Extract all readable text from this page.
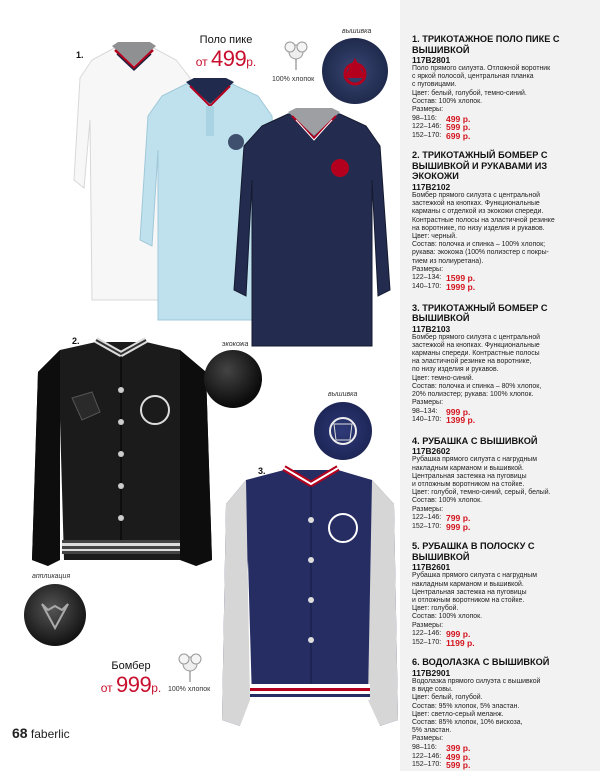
вышивка
экокожа
вышивка
аппликация
100% хлопок
100% хлопок
1.
2.
3.
Поло пике
от 499р.
Бомбер
от 999р.
68 faberlic
1. ТРИКОТАЖНОЕ ПОЛО ПИКЕ С ВЫШИВКОЙ
117В2801
Поло прямого силуэта. Отложной воротник
с яркой полосой, центральная планка
с пуговицами.
Цвет: белый, голубой, темно-синий.
Состав: 100% хлопок.
Размеры:
98–116:	499 р.
122–146: 599 р.
152–170: 699 р.
2. ТРИКОТАЖНЫЙ БОМБЕР С ВЫШИВКОЙ И РУКАВАМИ ИЗ ЭКОКОЖИ
117В2102
Бомбер прямого силуэта с центральной
застежкой на кнопках. Функциональные
карманы с отделкой из экокожи спереди.
Контрастные полосы на эластичной резинке
на воротнике, по низу изделия и рукавов.
Цвет: черный.
Состав: полочка и спинка – 100% хлопок;
рукава: экокожа (100% полиэстер с покры-
тием из полиуретана).
Размеры:
122–134: 1599 р.
140–170: 1999 р.
3. ТРИКОТАЖНЫЙ БОМБЕР С ВЫШИВКОЙ
117В2103
Бомбер прямого силуэта с центральной
застежкой на кнопках. Функциональные
карманы спереди. Контрастные полосы
на эластичной резинке на воротнике,
по низу изделия и рукавов.
Цвет: темно-синий.
Состав: полочка и спинка – 80% хлопок,
20% полиэстер; рукава: 100% хлопок.
Размеры:
98–134:	999 р.
140–170: 1399 р.
4. РУБАШКА С ВЫШИВКОЙ
117В2602
Рубашка прямого силуэта с нагрудным
накладным карманом и вышивкой.
Центральная застежка на пуговицы
и отложным воротником на стойке.
Цвет: голубой, темно-синий, серый, белый.
Состав: 100% хлопок.
Размеры:
122–146: 799 р.
152–170: 999 р.
5. РУБАШКА В ПОЛОСКУ С ВЫШИВКОЙ
117В2601
Рубашка прямого силуэта с нагрудным
накладным карманом и вышивкой.
Центральная застежка на пуговицы
и отложным воротником на стойке.
Цвет: голубой.
Состав: 100% хлопок.
Размеры:
122–146: 999 р.
152–170: 1199 р.
6. ВОДОЛАЗКА С ВЫШИВКОЙ
117В2901
Водолазка прямого силуэта с вышивкой
в виде совы.
Цвет: белый, голубой.
Состав: 95% хлопок, 5% эластан.
Цвет: светло-серый меланж.
Состав: 85% хлопок, 10% вискоза,
5% эластан.
Размеры:
98–116:	399 р.
122–146: 499 р.
152–170: 599 р.
